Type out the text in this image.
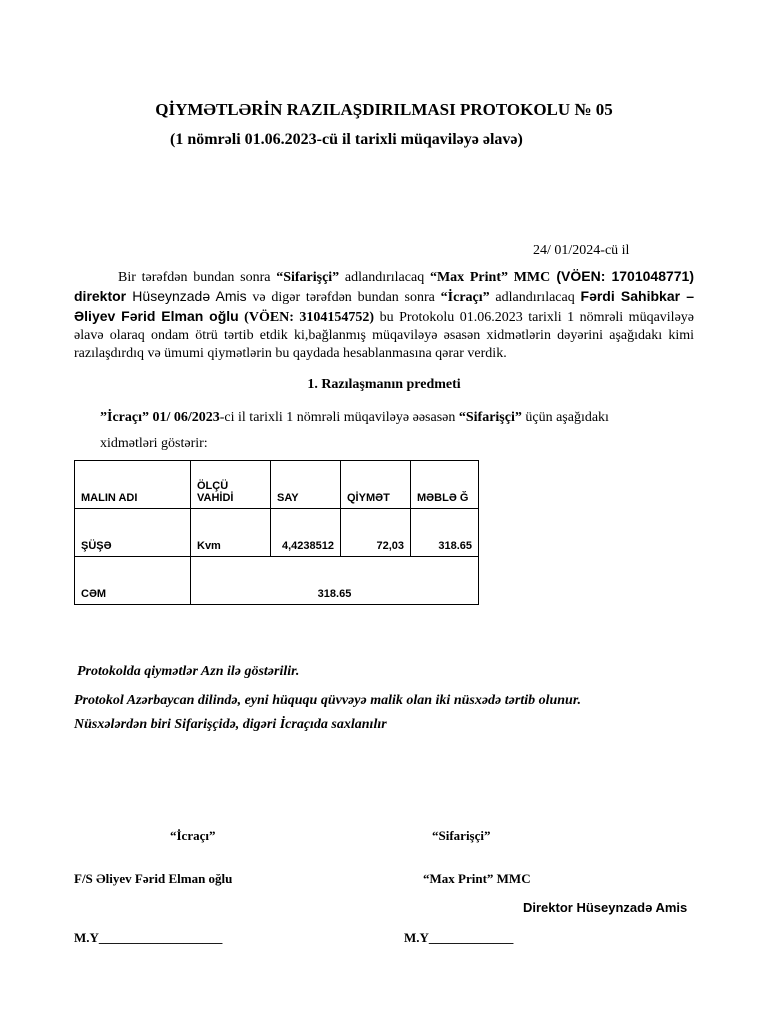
QİYMƏTLƏRİN RAZILAŞDIRILMASI PROTOKOLU № 05
(1 nömrəli 01.06.2023-cü il tarixli müqaviləyə əlavə)
24/ 01/2024-cü il
Bir tərəfdən bundan sonra “Sifarişçi” adlandırılacaq “Max Print” MMC (VÖEN: 1701048771) direktor Hüseynzadə Amis və digər tərəfdən bundan sonra “İcraçı” adlandırılacaq Fərdi Sahibkar – Əliyev Fərid Elman oğlu (VÖEN: 3104154752) bu Protokolu 01.06.2023 tarixli 1 nömrəli müqaviləyə əlavə olaraq ondam ötrü tərtib etdik ki,bağlanmış müqaviləyə əsasən xidmətlərin dəyərini aşağıdakı kimi razılaşdırdıq və ümumi qiymətlərin bu qaydada hesablanmasına qərar verdik.
1. Razılaşmanın predmeti
”İcraçı” 01/ 06/2023-ci il tarixli 1 nömrəli müqaviləyə əəsasən “Sifarişçi” üçün aşağıdakı
xidmətləri göstərir:
MALIN ADI	ÖLÇÜ VAHİDİ	SAY	QİYMƏT	MƏBLƏ Ğ
ŞÜŞƏ	Kvm	4,4238512	72,03	318.65
CƏM	318.65			
Protokolda qiymətlər Azn ilə göstərilir.
Protokol Azərbaycan dilində, eyni hüququ qüvvəyə malik olan iki nüsxədə tərtib olunur.
Nüsxələrdən biri Sifarişçidə, digəri İcraçıda saxlanılır
“İcraçı”	“Sifarişçi”
F/S Əliyev Fərid Elman oğlu	“Max Print” MMC
Direktor Hüseynzadə Amis
M.Y___________________	M.Y_____________
